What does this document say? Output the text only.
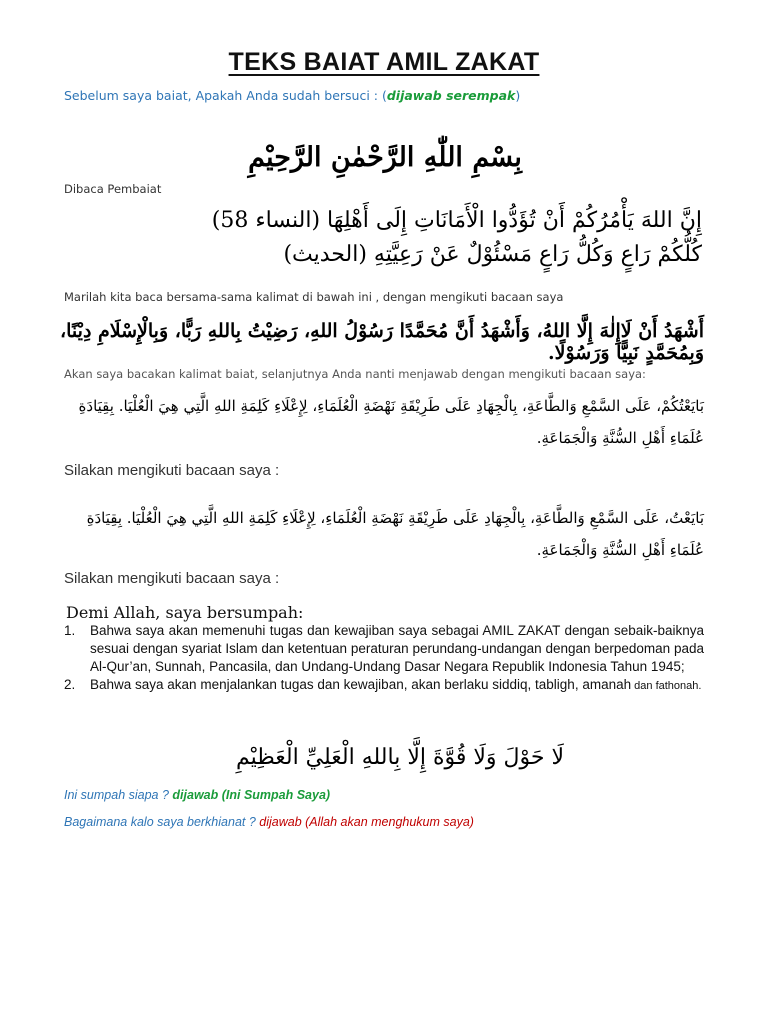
TEKS BAIAT AMIL ZAKAT
Sebelum saya baiat, Apakah Anda sudah bersuci : (dijawab serempak)
بِسْمِ اللّٰهِ الرَّحْمٰنِ الرَّحِيْمِ
Dibaca Pembaiat
إِنَّ اللهَ يَأْمُرُكُمْ أَنْ تُؤَدُّوا الْأَمَانَاتِ إِلَى أَهْلِهَا (النساء 58)
كُلُّكُمْ رَاعٍ وَكُلُّ رَاعٍ مَسْئُوْلٌ عَنْ رَعِيَّتِهِ (الحديث)
Marilah kita baca bersama-sama kalimat di bawah ini , dengan mengikuti bacaan saya
أَشْهَدُ أَنْ لَاإِلٰهَ إِلَّا اللهُ، وَأَشْهَدُ أَنَّ مُحَمَّدًا رَسُوْلُ اللهِ، رَضِيْتُ بِاللهِ رَبًّا، وَبِالْإِسْلَامِ دِيْنًا، وَبِمُحَمَّدٍ نَبِيًّا وَرَسُوْلًا.
Akan saya bacakan kalimat baiat, selanjutnya Anda nanti menjawab dengan mengikuti bacaan saya:
بَايَعْتُكُمْ، عَلَى السَّمْعِ وَالطَّاعَةِ، بِالْجِهَادِ عَلَى طَرِيْقَةِ نَهْضَةِ الْعُلَمَاءِ، لِإِعْلَاءِ كَلِمَةِ اللهِ الَّتِي هِيَ الْعُلْيَا. بِقِيَادَةِ عُلَمَاءِ أَهْلِ السُّنَّةِ وَالْجَمَاعَةِ.
Silakan mengikuti bacaan saya :
بَايَعْتُ، عَلَى السَّمْعِ وَالطَّاعَةِ، بِالْجِهَادِ عَلَى طَرِيْقَةِ نَهْضَةِ الْعُلَمَاءِ، لِإِعْلَاءِ كَلِمَةِ اللهِ الَّتِي هِيَ الْعُلْيَا. بِقِيَادَةِ عُلَمَاءِ أَهْلِ السُّنَّةِ وَالْجَمَاعَةِ.
Silakan mengikuti bacaan saya :
Demi Allah, saya bersumpah:
1. Bahwa saya akan memenuhi tugas dan kewajiban saya sebagai AMIL ZAKAT dengan sebaik-baiknya sesuai dengan syariat Islam dan ketentuan peraturan perundang-undangan dengan berpedoman pada Al-Qur’an, Sunnah, Pancasila, dan Undang-Undang Dasar Negara Republik Indonesia Tahun 1945;
2. Bahwa saya akan menjalankan tugas dan kewajiban, akan berlaku siddiq, tabligh, amanah dan fathonah.
لَا حَوْلَ وَلَا قُوَّةَ إِلَّا بِاللهِ الْعَلِيِّ الْعَظِيْمِ
Ini sumpah siapa ? dijawab (Ini Sumpah Saya)
Bagaimana kalo saya berkhianat ? dijawab (Allah akan menghukum saya)
